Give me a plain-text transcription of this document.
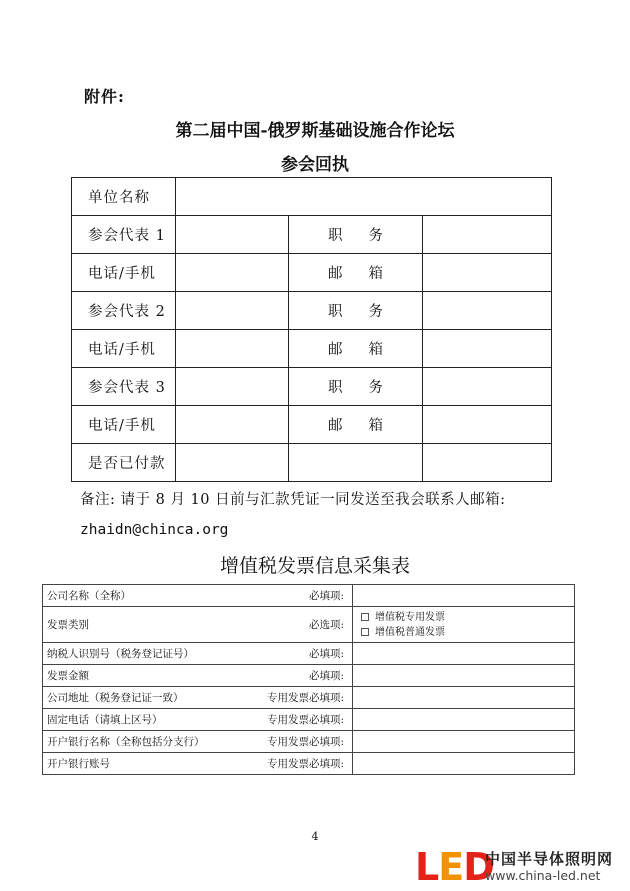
附件:
第二届中国-俄罗斯基础设施合作论坛
参会回执
单位名称			
参会代表 1		职 务	
电话/手机		邮 箱	
参会代表 2		职 务	
电话/手机		邮 箱	
参会代表 3		职 务	
电话/手机		邮 箱	
是否已付款			
备注: 请于 8 月 10 日前与汇款凭证一同发送至我会联系人邮箱:
zhaidn@chinca.org
增值税发票信息采集表
公司名称（全称） 必填项:	

发票类别 必选项:	增值税专用发票
增值税普通发票

纳税人识别号（税务登记证号） 必填项:	

发票金额 必填项:	

公司地址（税务登记证一致） 专用发票必填项:	

固定电话（请填上区号） 专用发票必填项:	

开户银行名称（全称包括分支行） 专用发票必填项:	

开户银行账号 专用发票必填项:	

4
LED
中国半导体照明网
www.china-led.net
